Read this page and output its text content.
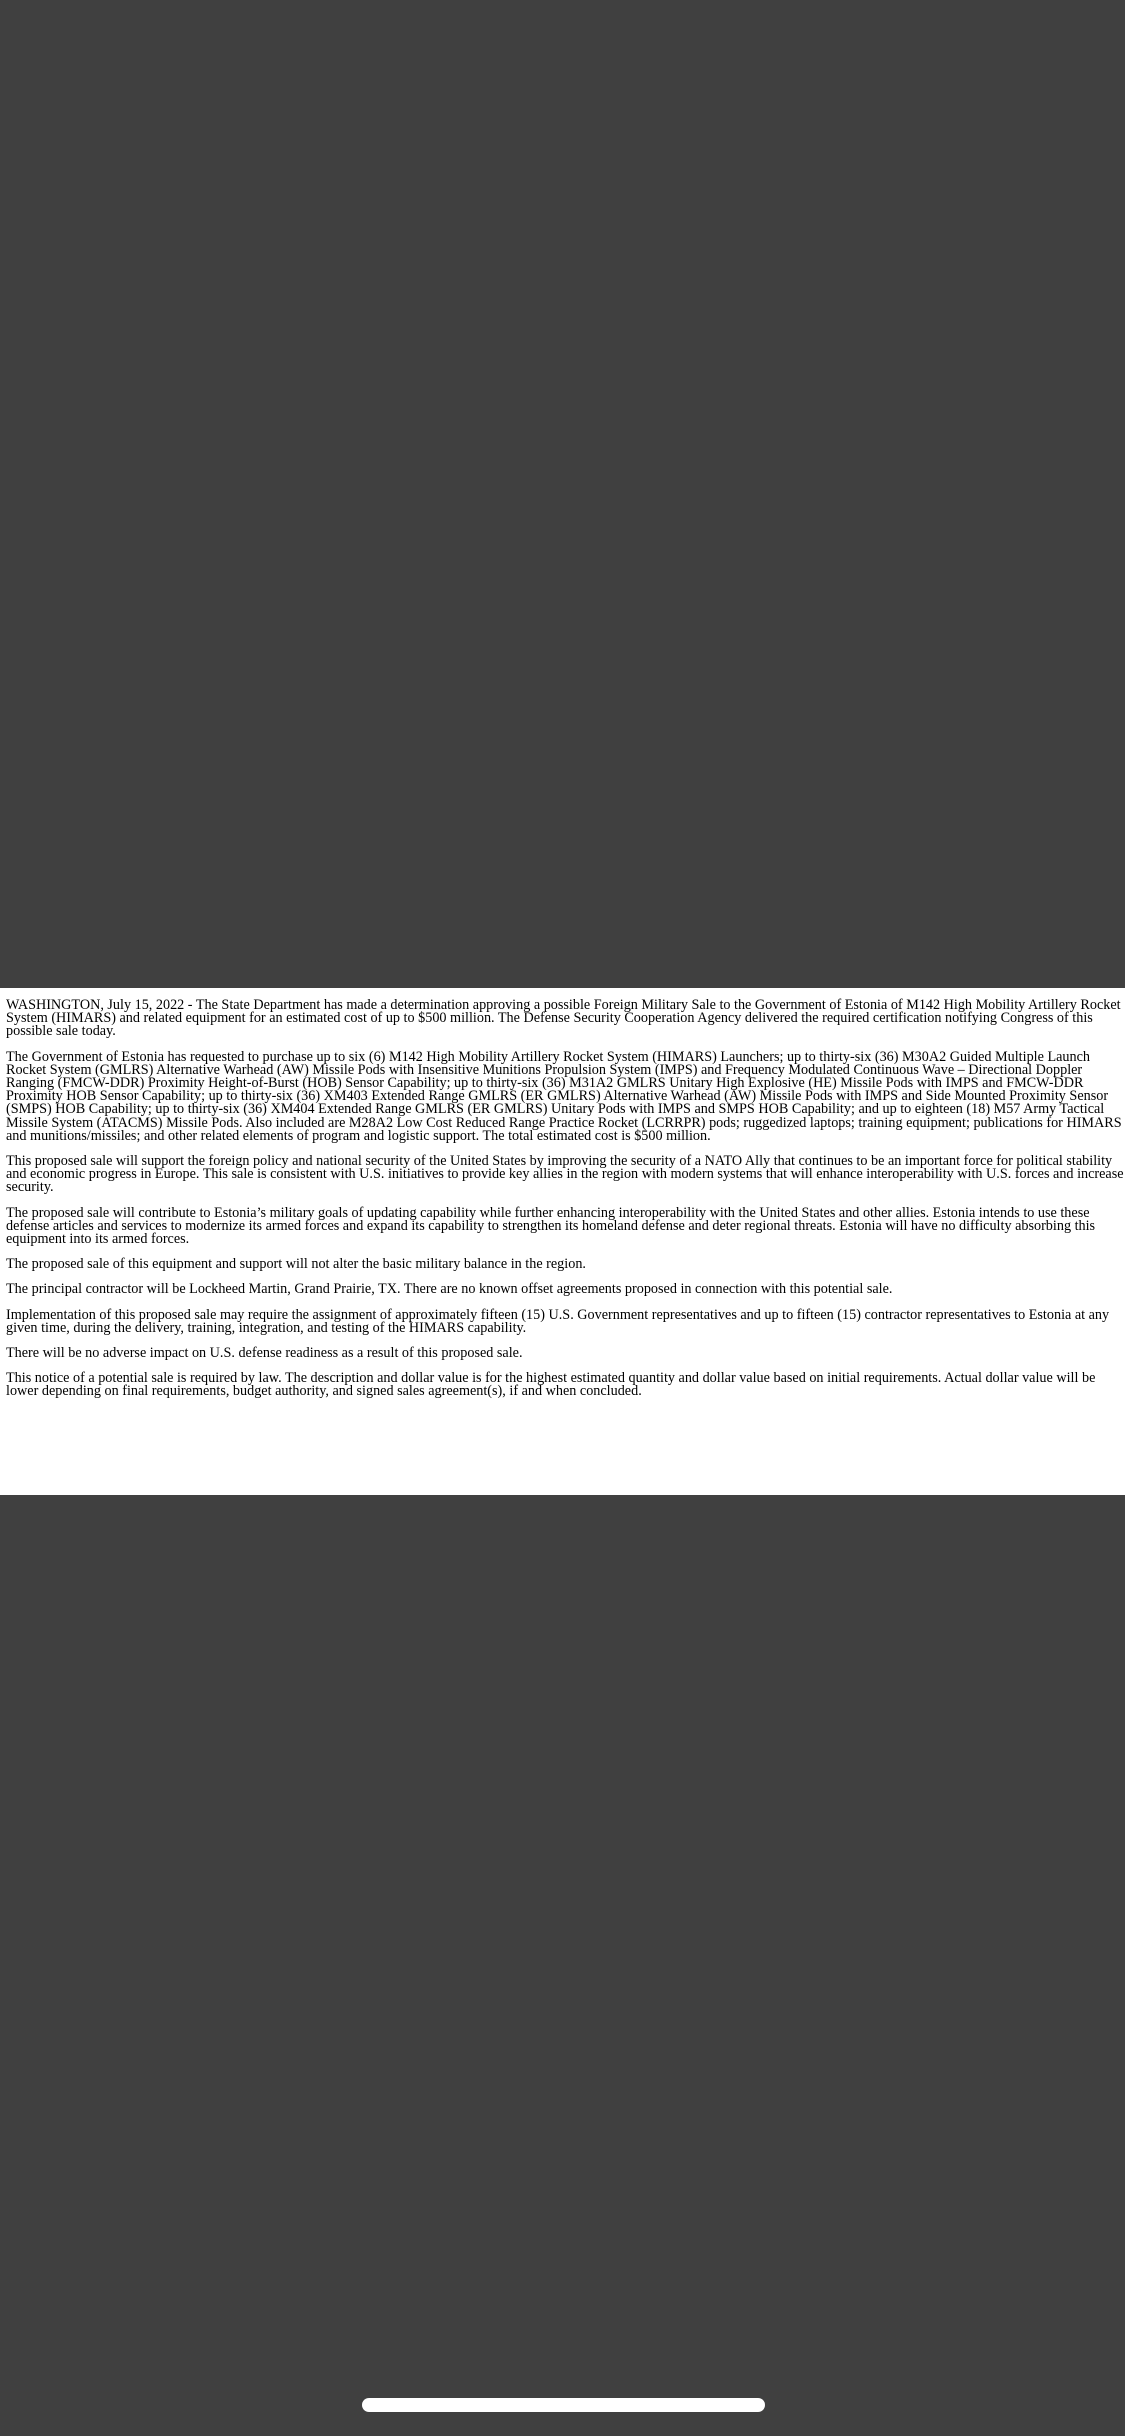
WASHINGTON, July 15, 2022 - The State Department has made a determination approving a possible Foreign Military Sale to the Government of Estonia of M142 High Mobility Artillery Rocket System (HIMARS) and related equipment for an estimated cost of up to $500 million. The Defense Security Cooperation Agency delivered the required certification notifying Congress of this possible sale today.

The Government of Estonia has requested to purchase up to six (6) M142 High Mobility Artillery Rocket System (HIMARS) Launchers; up to thirty-six (36) M30A2 Guided Multiple Launch Rocket System (GMLRS) Alternative Warhead (AW) Missile Pods with Insensitive Munitions Propulsion System (IMPS) and Frequency Modulated Continuous Wave – Directional Doppler Ranging (FMCW-DDR) Proximity Height-of-Burst (HOB) Sensor Capability; up to thirty-six (36) M31A2 GMLRS Unitary High Explosive (HE) Missile Pods with IMPS and FMCW-DDR Proximity HOB Sensor Capability; up to thirty-six (36) XM403 Extended Range GMLRS (ER GMLRS) Alternative Warhead (AW) Missile Pods with IMPS and Side Mounted Proximity Sensor (SMPS) HOB Capability; up to thirty-six (36) XM404 Extended Range GMLRS (ER GMLRS) Unitary Pods with IMPS and SMPS HOB Capability; and up to eighteen (18) M57 Army Tactical Missile System (ATACMS) Missile Pods. Also included are M28A2 Low Cost Reduced Range Practice Rocket (LCRRPR) pods; ruggedized laptops; training equipment; publications for HIMARS and munitions/missiles; and other related elements of program and logistic support. The total estimated cost is $500 million.

This proposed sale will support the foreign policy and national security of the United States by improving the security of a NATO Ally that continues to be an important force for political stability and economic progress in Europe. This sale is consistent with U.S. initiatives to provide key allies in the region with modern systems that will enhance interoperability with U.S. forces and increase security.

The proposed sale will contribute to Estonia’s military goals of updating capability while further enhancing interoperability with the United States and other allies. Estonia intends to use these defense articles and services to modernize its armed forces and expand its capability to strengthen its homeland defense and deter regional threats. Estonia will have no difficulty absorbing this equipment into its armed forces.

The proposed sale of this equipment and support will not alter the basic military balance in the region.

The principal contractor will be Lockheed Martin, Grand Prairie, TX. There are no known offset agreements proposed in connection with this potential sale.

Implementation of this proposed sale may require the assignment of approximately fifteen (15) U.S. Government representatives and up to fifteen (15) contractor representatives to Estonia at any given time, during the delivery, training, integration, and testing of the HIMARS capability.

There will be no adverse impact on U.S. defense readiness as a result of this proposed sale.

This notice of a potential sale is required by law. The description and dollar value is for the highest estimated quantity and dollar value based on initial requirements. Actual dollar value will be lower depending on final requirements, budget authority, and signed sales agreement(s), if and when concluded.
